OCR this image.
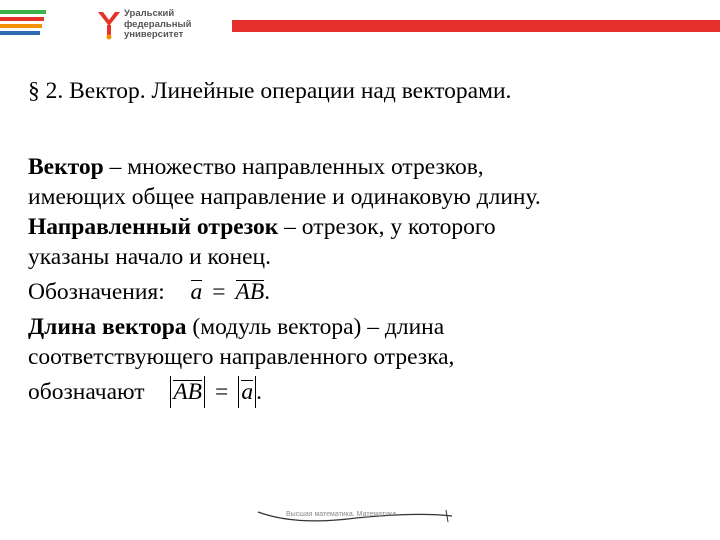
Уральский
федеральный
университет
§ 2. Вектор. Линейные операции над векторами.
Вектор – множество направленных отрезков,
имеющих общее направление и одинаковую длину.
Направленный отрезок – отрезок, у которого
указаны начало и конец.
Обозначения: a = AB.
Длина вектора (модуль вектора) – длина
соответствующего направленного отрезка,
обозначают AB = a .
Высшая математика. Математика
